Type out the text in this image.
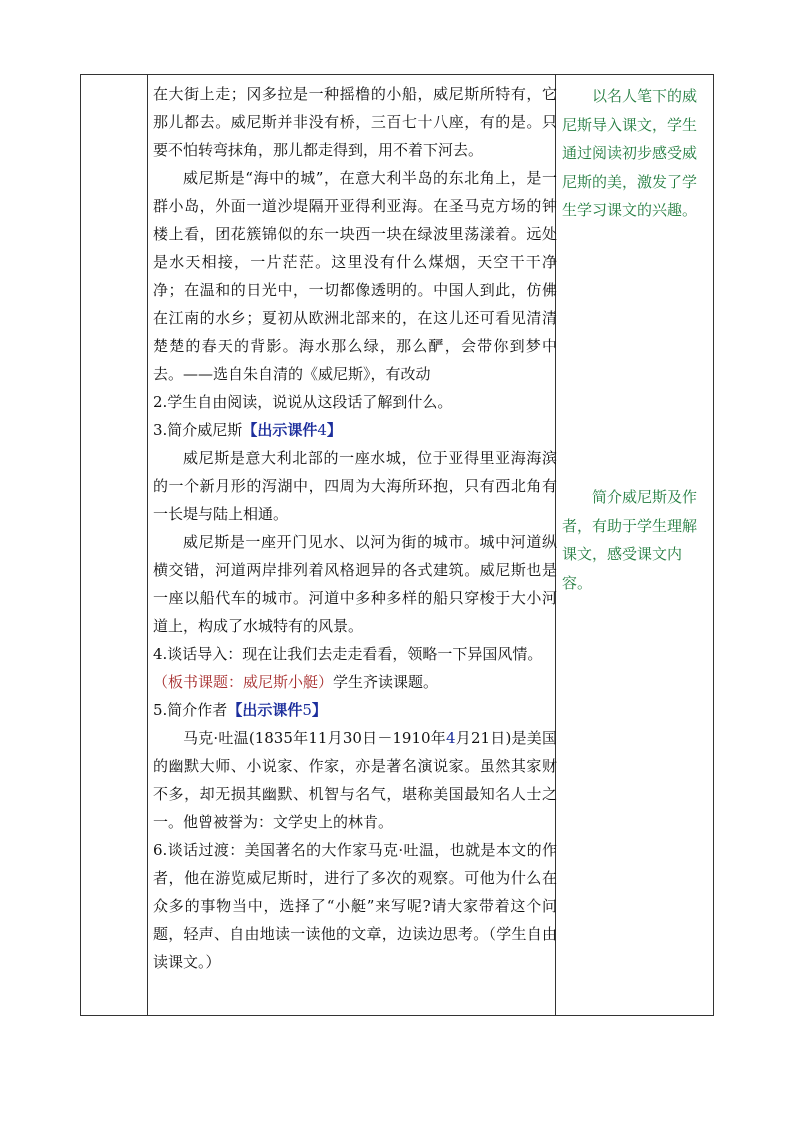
在大街上走；冈多拉是一种摇橹的小船，威尼斯所特有，它那儿都去。威尼斯并非没有桥，三百七十八座，有的是。只要不怕转弯抹角，那儿都走得到，用不着下河去。

威尼斯是“海中的城”，在意大利半岛的东北角上，是一群小岛，外面一道沙堤隔开亚得利亚海。在圣马克方场的钟楼上看，团花簇锦似的东一块西一块在绿波里荡漾着。远处是水天相接，一片茫茫。这里没有什么煤烟，天空干干净净；在温和的日光中，一切都像透明的。中国人到此，仿佛在江南的水乡；夏初从欧洲北部来的，在这儿还可看见清清楚楚的春天的背影。海水那么绿，那么酽，会带你到梦中去。——选自朱自清的《威尼斯》，有改动

2.学生自由阅读，说说从这段话了解到什么。

3.简介威尼斯【出示课件4】

威尼斯是意大利北部的一座水城，位于亚得里亚海海滨的一个新月形的泻湖中，四周为大海所环抱，只有西北角有一长堤与陆上相通。

威尼斯是一座开门见水、以河为街的城市。城中河道纵横交错，河道两岸排列着风格迥异的各式建筑。威尼斯也是一座以船代车的城市。河道中多种多样的船只穿梭于大小河道上，构成了水城特有的风景。

4.谈话导入：现在让我们去走走看看，领略一下异国风情。

（板书课题：威尼斯小艇）学生齐读课题。

5.简介作者【出示课件5】

马克·吐温(1835年11月30日－1910年4月21日)是美国的幽默大师、小说家、作家，亦是著名演说家。虽然其家财不多，却无损其幽默、机智与名气，堪称美国最知名人士之一。他曾被誉为：文学史上的林肯。

6.谈话过渡：美国著名的大作家马克·吐温，也就是本文的作者，他在游览威尼斯时，进行了多次的观察。可他为什么在众多的事物当中，选择了“小艇”来写呢?请大家带着这个问题，轻声、自由地读一读他的文章，边读边思考。（学生自由读课文。）

以名人笔下的威尼斯导入课文，学生通过阅读初步感受威尼斯的美，激发了学生学习课文的兴趣。

简介威尼斯及作者，有助于学生理解课文，感受课文内容。
